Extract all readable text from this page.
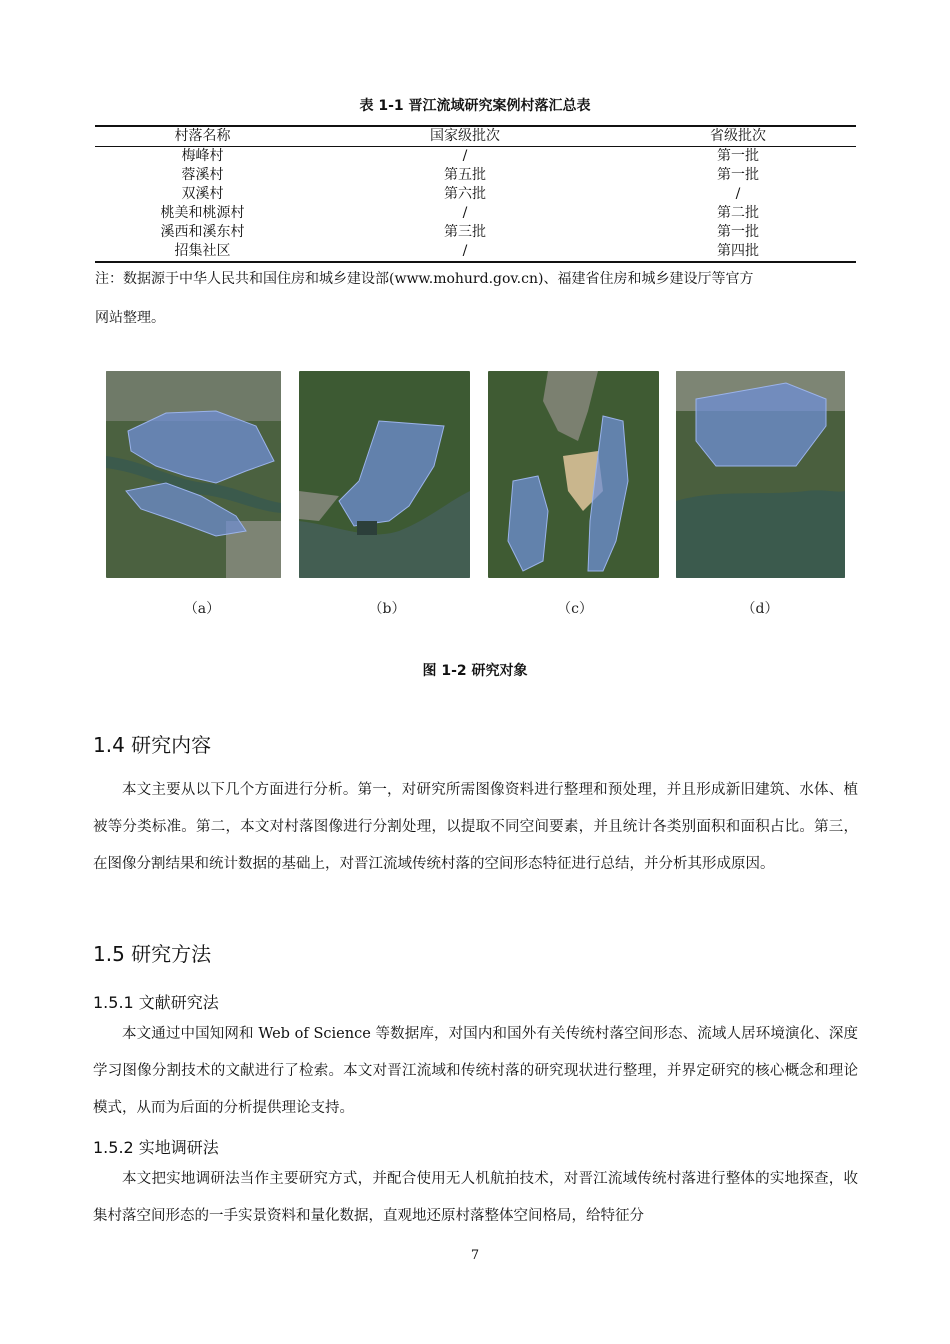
表 1-1 晋江流域研究案例村落汇总表
村落名称	国家级批次	省级批次
梅峰村	/	第一批
蓉溪村	第五批	第一批
双溪村	第六批	/
桃美和桃源村	/	第二批
溪西和溪东村	第三批	第一批
招集社区	/	第四批
注：数据源于中华人民共和国住房和城乡建设部(www.mohurd.gov.cn)、福建省住房和城乡建设厅等官方
网站整理。
（a）	（b）	（c）	（d）
图 1-2 研究对象
1.4 研究内容

本文主要从以下几个方面进行分析。第一，对研究所需图像资料进行整理和预处理，并且形成新旧建筑、水体、植被等分类标准。第二，本文对村落图像进行分割处理，以提取不同空间要素，并且统计各类别面积和面积占比。第三，在图像分割结果和统计数据的基础上，对晋江流域传统村落的空间形态特征进行总结，并分析其形成原因。

1.5 研究方法
1.5.1 文献研究法

本文通过中国知网和 Web of Science 等数据库，对国内和国外有关传统村落空间形态、流域人居环境演化、深度学习图像分割技术的文献进行了检索。本文对晋江流域和传统村落的研究现状进行整理，并界定研究的核心概念和理论模式，从而为后面的分析提供理论支持。

1.5.2 实地调研法

本文把实地调研法当作主要研究方式，并配合使用无人机航拍技术，对晋江流域传统村落进行整体的实地探查，收集村落空间形态的一手实景资料和量化数据，直观地还原村落整体空间格局，给特征分

7
